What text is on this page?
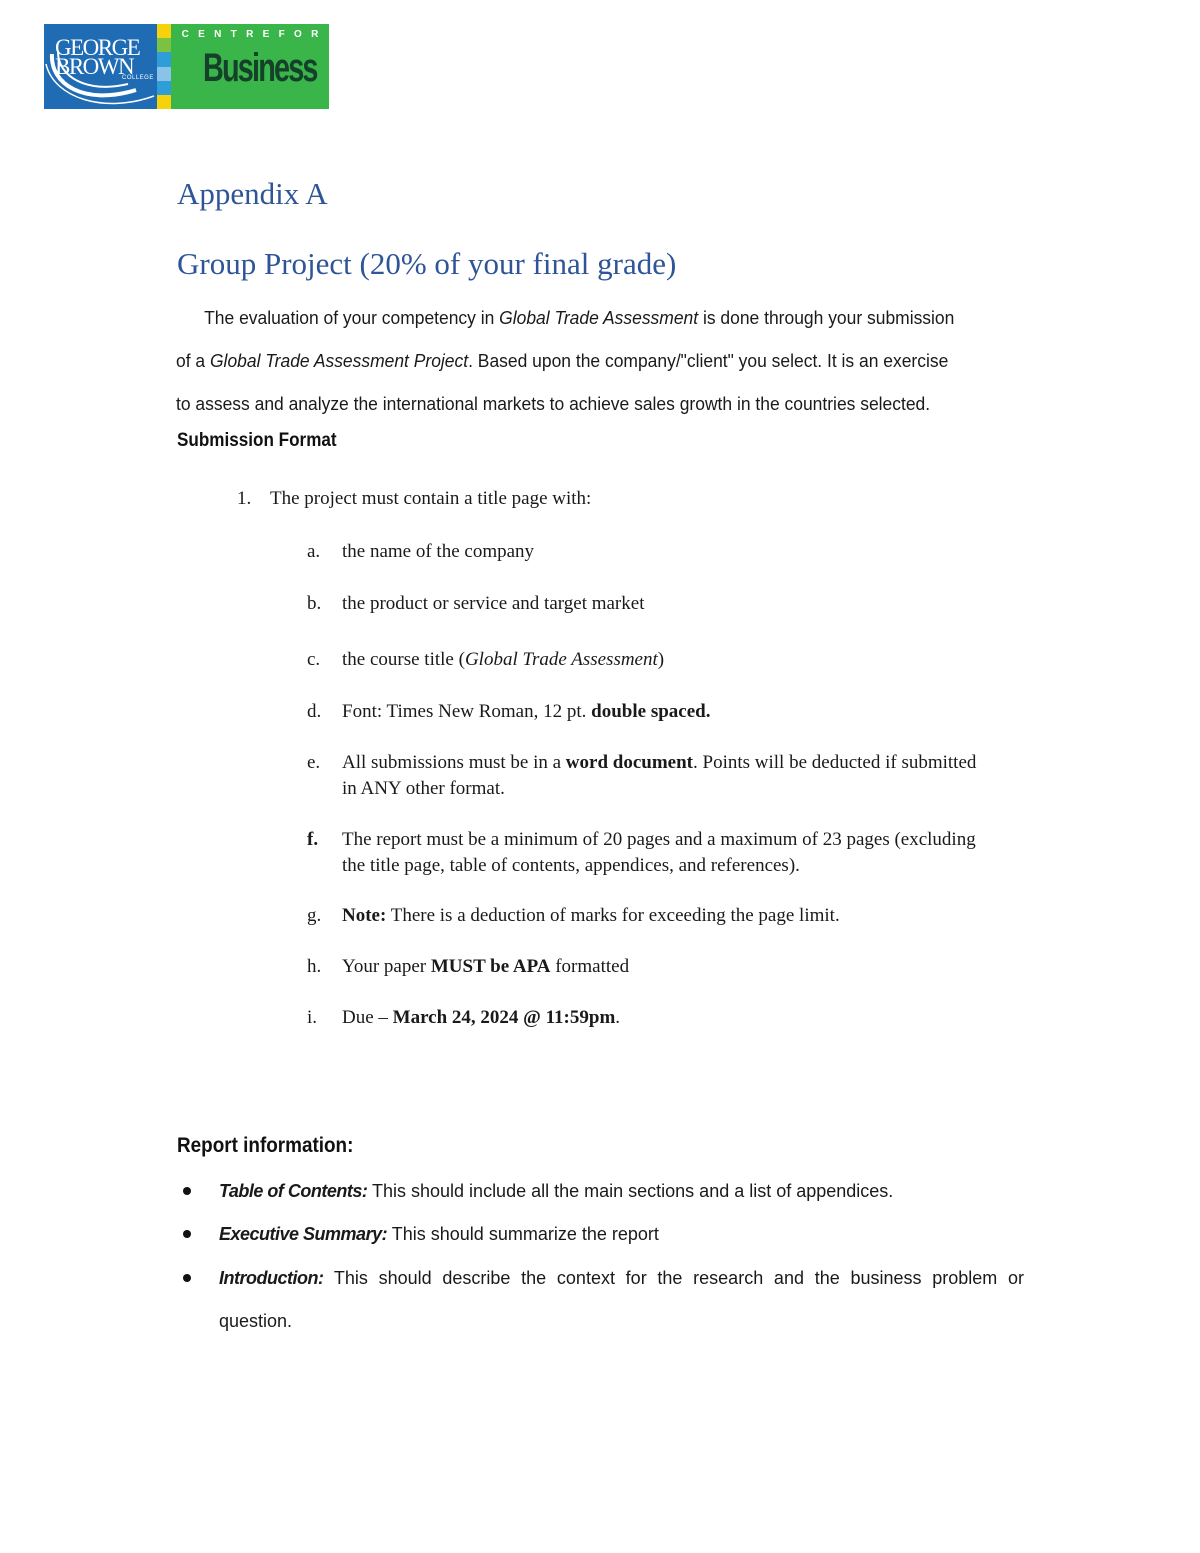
GEORGE
BROWN
COLLEGE
C E N T R E F O R
Business
Appendix A
Group Project (20% of your final grade)

The evaluation of your competency in Global Trade Assessment is done through your submission
of a Global Trade Assessment Project. Based upon the company/"client" you select. It is an exercise
to assess and analyze the international markets to achieve sales growth in the countries selected.

Submission Format
1. The project must contain a title page with:
a.	the name of the company
b.	the product or service and target market
c.	the course title (Global Trade Assessment)
d.	Font: Times New Roman, 12 pt. double spaced.
e.	All submissions must be in a word document. Points will be deducted if submitted in ANY other format.
f.	The report must be a minimum of 20 pages and a maximum of 23 pages (excluding the title page, table of contents, appendices, and references).
g.	Note: There is a deduction of marks for exceeding the page limit.
h.	Your paper MUST be APA formatted
i.	Due – March 24, 2024 @ 11:59pm.
Report information:
Table of Contents: This should include all the main sections and a list of appendices.
Executive Summary: This should summarize the report
Introduction: This should describe the context for the research and the business problem or question.
